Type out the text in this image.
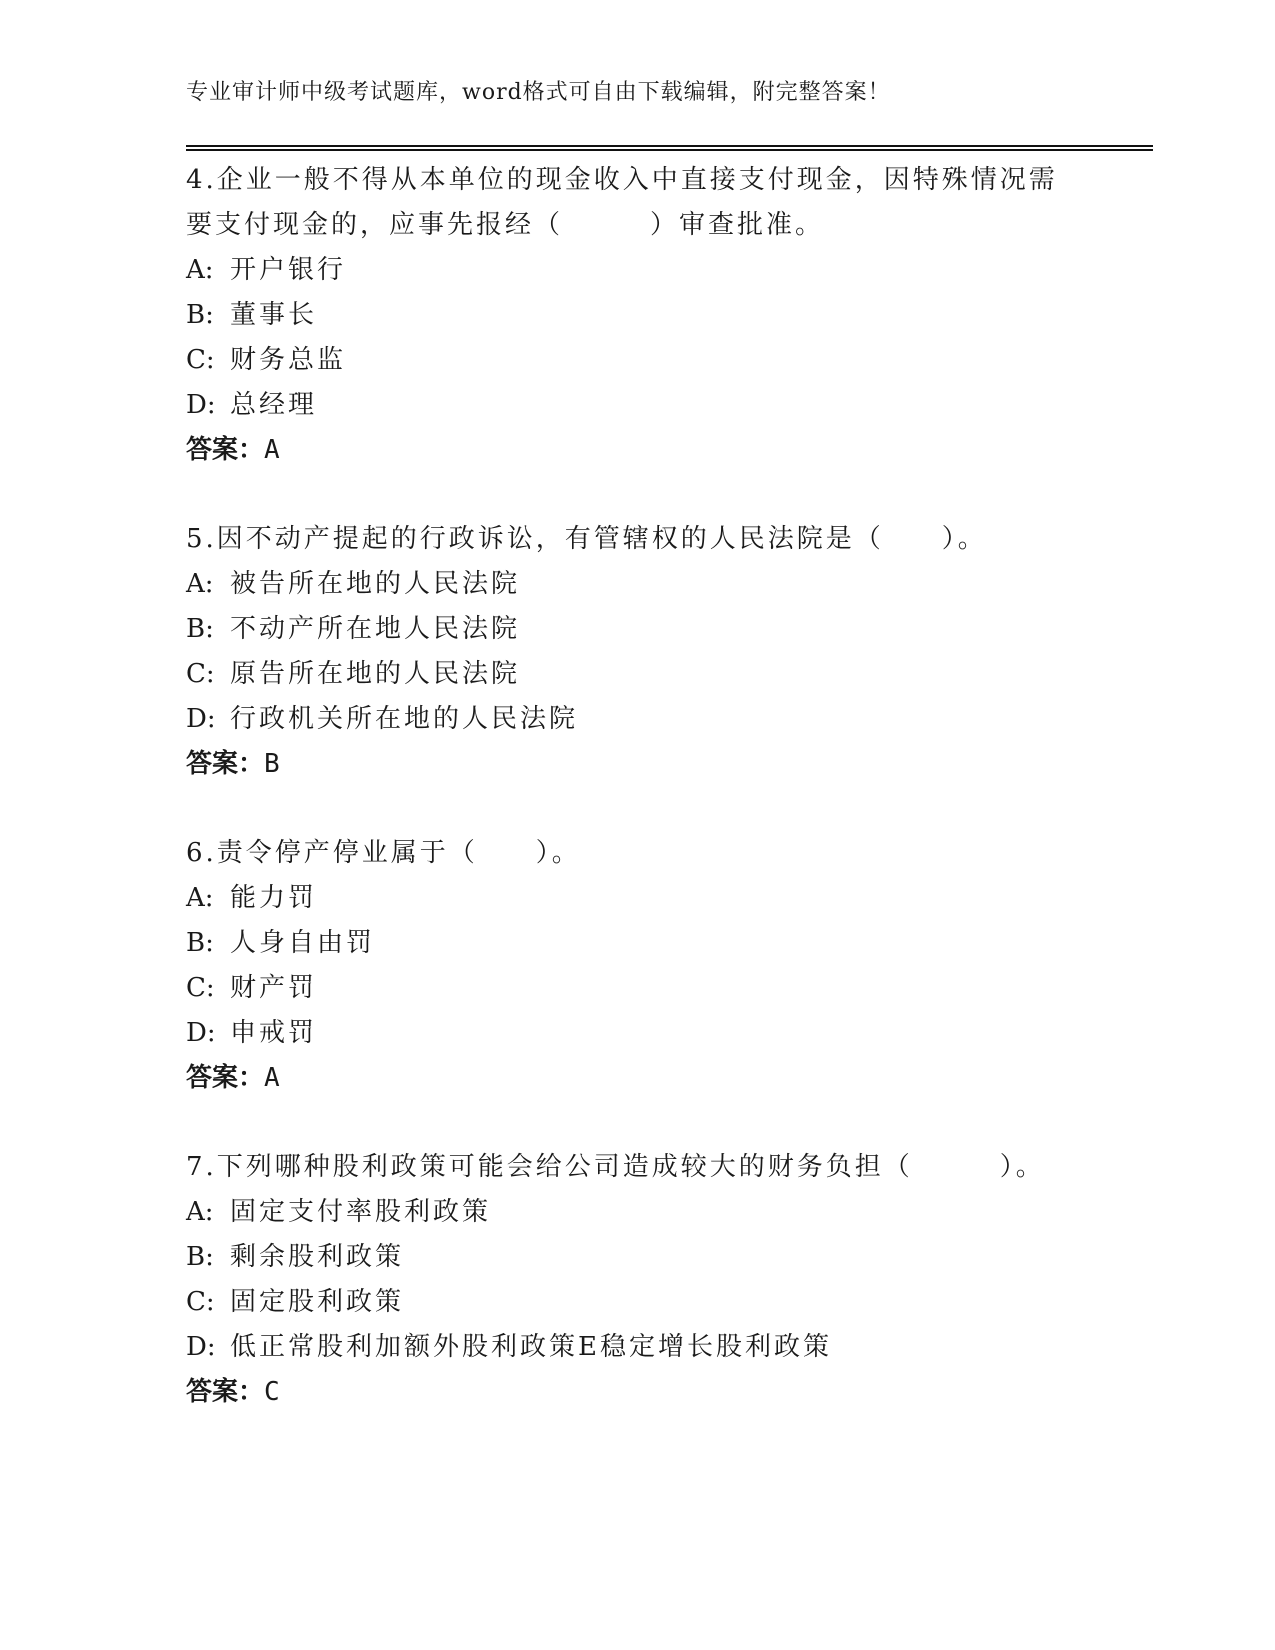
专业审计师中级考试题库，word格式可自由下载编辑，附完整答案！

4.企业一般不得从本单位的现金收入中直接支付现金，因特殊情况需要支付现金的，应事先报经（　　　）审查批准。

A: 开户银行

B: 董事长

C: 财务总监

D: 总经理

答案：A

5.因不动产提起的行政诉讼，有管辖权的人民法院是（　　）。

A: 被告所在地的人民法院

B: 不动产所在地人民法院

C: 原告所在地的人民法院

D: 行政机关所在地的人民法院

答案：B

6.责令停产停业属于（　　）。

A: 能力罚

B: 人身自由罚

C: 财产罚

D: 申戒罚

答案：A

7.下列哪种股利政策可能会给公司造成较大的财务负担（　　　）。

A: 固定支付率股利政策

B: 剩余股利政策

C: 固定股利政策

D: 低正常股利加额外股利政策E稳定增长股利政策

答案：C
